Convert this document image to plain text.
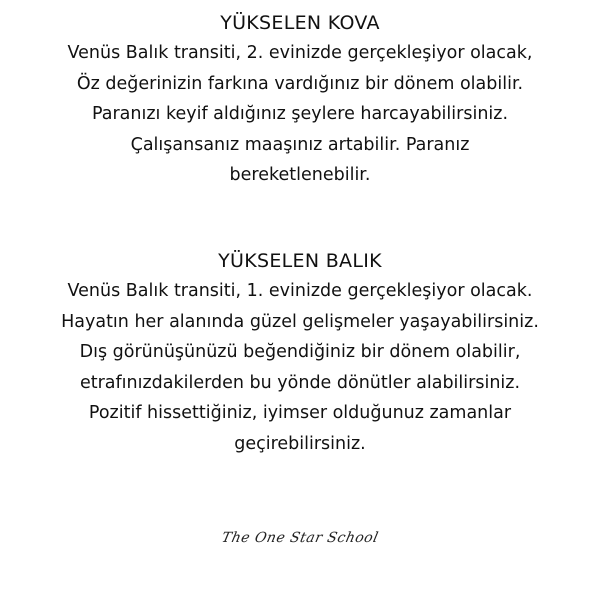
YÜKSELEN KOVA

Venüs Balık transiti, 2. evinizde gerçekleşiyor olacak,

Öz değerinizin farkına vardığınız bir dönem olabilir.

Paranızı keyif aldığınız şeylere harcayabilirsiniz.

Çalışansanız maaşınız artabilir. Paranız

bereketlenebilir.

YÜKSELEN BALIK

Venüs Balık transiti, 1. evinizde gerçekleşiyor olacak.

Hayatın her alanında güzel gelişmeler yaşayabilirsiniz.

Dış görünüşünüzü beğendiğiniz bir dönem olabilir,

etrafınızdakilerden bu yönde dönütler alabilirsiniz.

Pozitif hissettiğiniz, iyimser olduğunuz zamanlar

geçirebilirsiniz.

The One Star School
